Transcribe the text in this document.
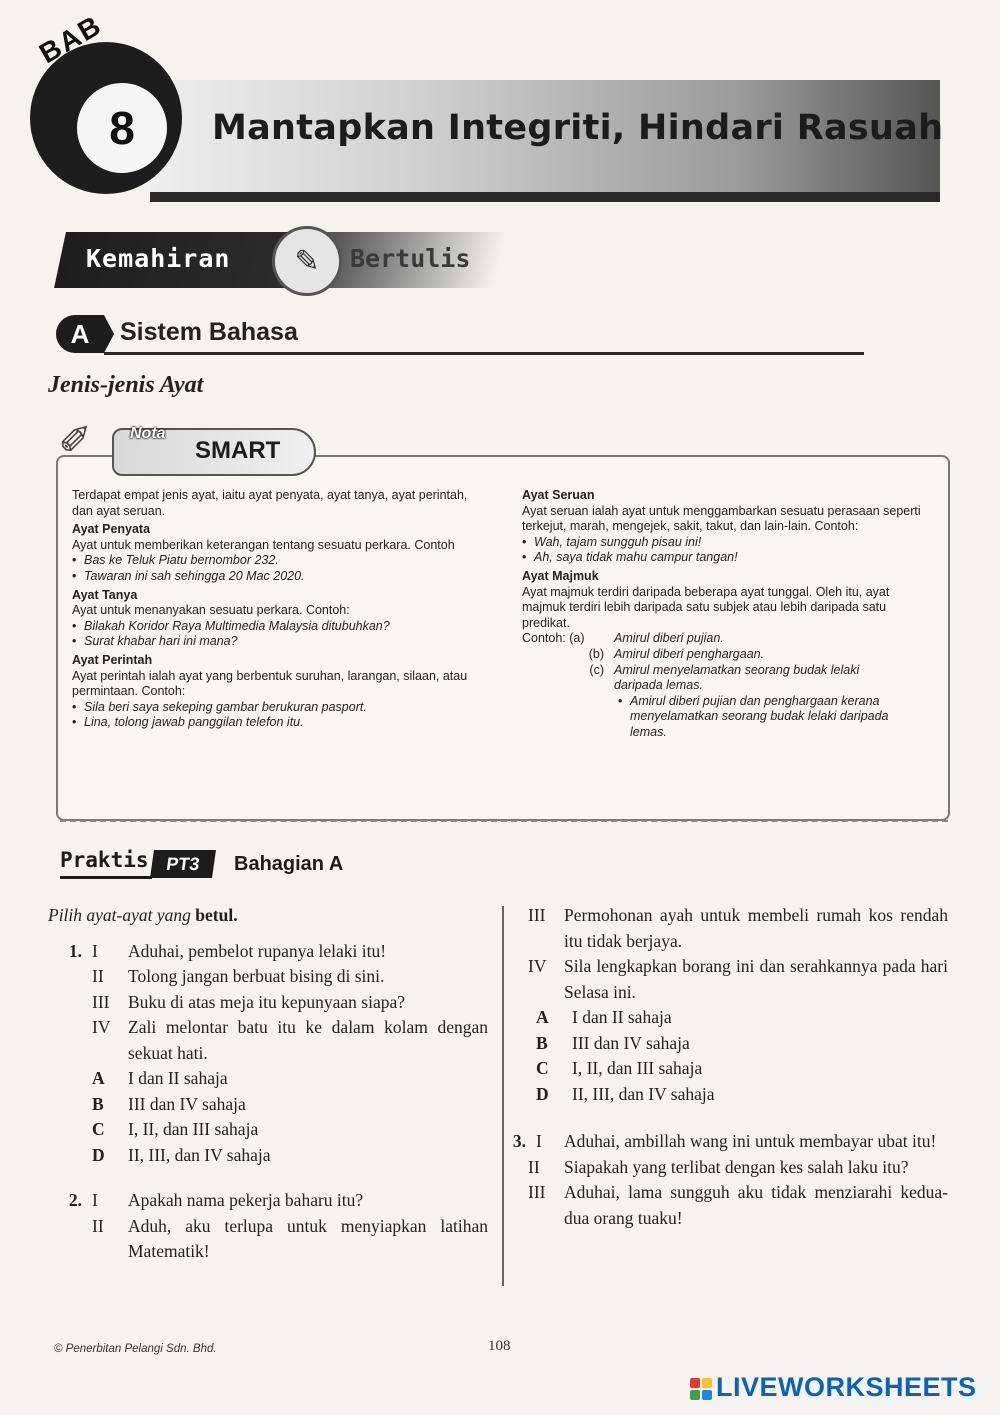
Mantapkan Integriti, Hindari Rasuah
8
BAB
Kemahiran	✎	Bertulis
A	Sistem Bahasa
Jenis-jenis Ayat
✐	Nota
SMART

Terdapat empat jenis ayat, iaitu ayat penyata, ayat tanya, ayat perintah, dan ayat seruan.

Ayat Penyata

Ayat untuk memberikan keterangan tentang sesuatu perkara. Contoh

• Bas ke Teluk Piatu bernombor 232.

• Tawaran ini sah sehingga 20 Mac 2020.

Ayat Tanya

Ayat untuk menanyakan sesuatu perkara. Contoh:

• Bilakah Koridor Raya Multimedia Malaysia ditubuhkan?

• Surat khabar hari ini mana?

Ayat Perintah

Ayat perintah ialah ayat yang berbentuk suruhan, larangan, silaan, atau permintaan. Contoh:

• Sila beri saya sekeping gambar berukuran pasport.

• Lina, tolong jawab panggilan telefon itu.

Ayat Seruan

Ayat seruan ialah ayat untuk menggambarkan sesuatu perasaan seperti terkejut, marah, mengejek, sakit, takut, dan lain-lain. Contoh:

• Wah, tajam sungguh pisau ini!

• Ah, saya tidak mahu campur tangan!

Ayat Majmuk

Ayat majmuk terdiri daripada beberapa ayat tunggal. Oleh itu, ayat majmuk terdiri lebih daripada satu subjek atau lebih daripada satu predikat.

Contoh: (a)	Amirul diberi pujian.
(b) Amirul diberi penghargaan.
(c) Amirul menyelamatkan seorang budak lelaki daripada lemas.

• Amirul diberi pujian dan penghargaan kerana menyelamatkan seorang budak lelaki daripada lemas.

Praktis PT3	Bahagian A

Pilih ayat-ayat yang betul.

1. I	Aduhai, pembelot rupanya lelaki itu!
II	Tolong jangan berbuat bising di sini.
III	Buku di atas meja itu kepunyaan siapa?
IV	Zali melontar batu itu ke dalam kolam dengan sekuat hati.
A	I dan II sahaja
B	III dan IV sahaja
C	I, II, dan III sahaja
D	II, III, dan IV sahaja
2. I	Apakah nama pekerja baharu itu?
II	Aduh, aku terlupa untuk menyiapkan latihan Matematik!
III	Permohonan ayah untuk membeli rumah kos rendah itu tidak berjaya.
IV	Sila lengkapkan borang ini dan serahkannya pada hari Selasa ini.
A	I dan II sahaja
B	III dan IV sahaja
C	I, II, dan III sahaja
D	II, III, dan IV sahaja
3. I	Aduhai, ambillah wang ini untuk membayar ubat itu!
II	Siapakah yang terlibat dengan kes salah laku itu?
III	Aduhai, lama sungguh aku tidak menziarahi kedua-dua orang tuaku!
© Penerbitan Pelangi Sdn. Bhd.	108
LIVEWORKSHEETS
